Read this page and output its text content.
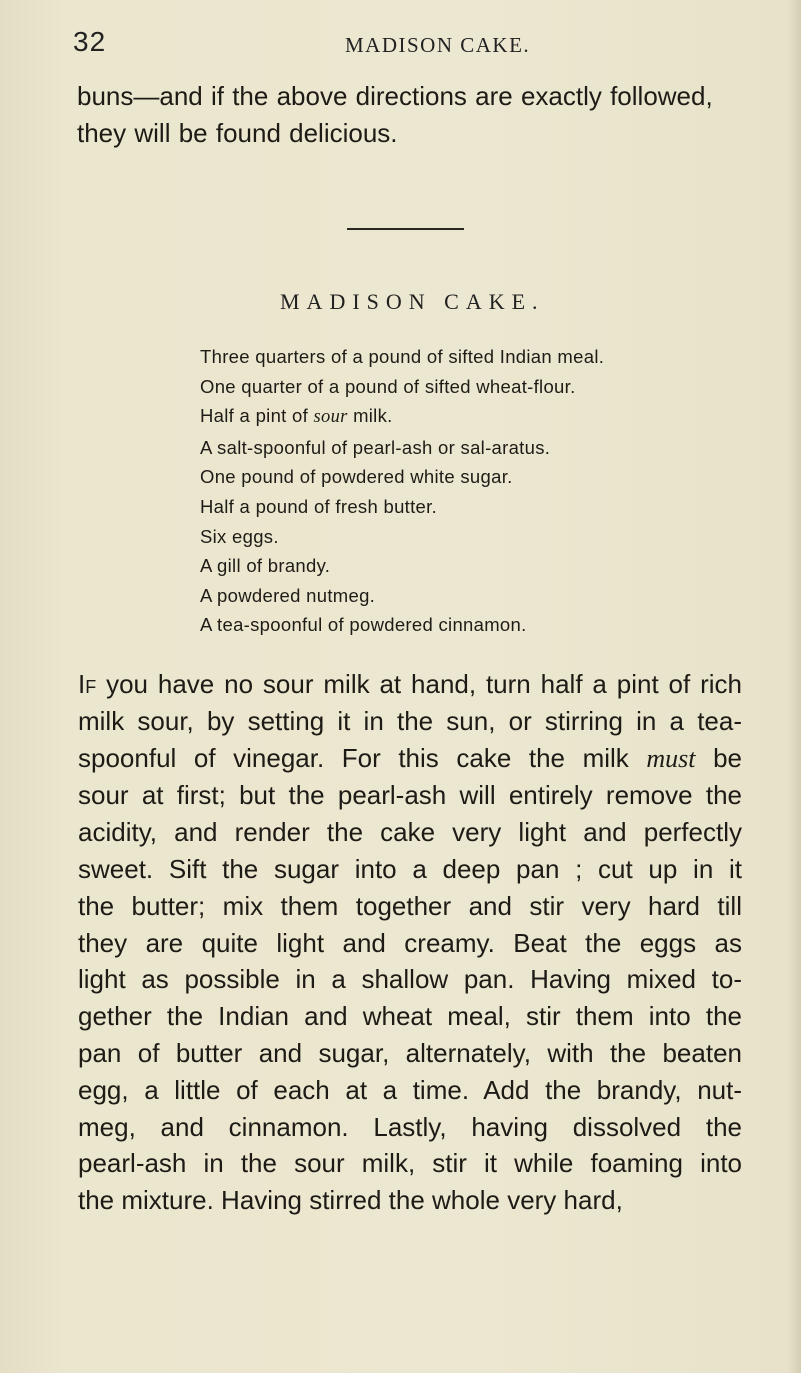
32	MADISON CAKE.

buns—and if the above directions are exactly followed,

they will be found delicious.

MADISON CAKE.
Three quarters of a pound of sifted Indian meal.
One quarter of a pound of sifted wheat-flour.
Half a pint of sour milk.
A salt-spoonful of pearl-ash or sal-aratus.
One pound of powdered white sugar.
Half a pound of fresh butter.
Six eggs.
A gill of brandy.
A powdered nutmeg.
A tea-spoonful of powdered cinnamon.
If you have no sour milk at hand, turn half a pint of rich
milk sour, by setting it in the sun, or stirring in a tea-
spoonful of vinegar. For this cake the milk must be
sour at first; but the pearl-ash will entirely remove the
acidity, and render the cake very light and perfectly
sweet. Sift the sugar into a deep pan ; cut up in it
the butter; mix them together and stir very hard till
they are quite light and creamy. Beat the eggs as
light as possible in a shallow pan. Having mixed to-
gether the Indian and wheat meal, stir them into the
pan of butter and sugar, alternately, with the beaten
egg, a little of each at a time. Add the brandy, nut-
meg, and cinnamon. Lastly, having dissolved the
pearl-ash in the sour milk, stir it while foaming into
the mixture. Having stirred the whole very hard,
